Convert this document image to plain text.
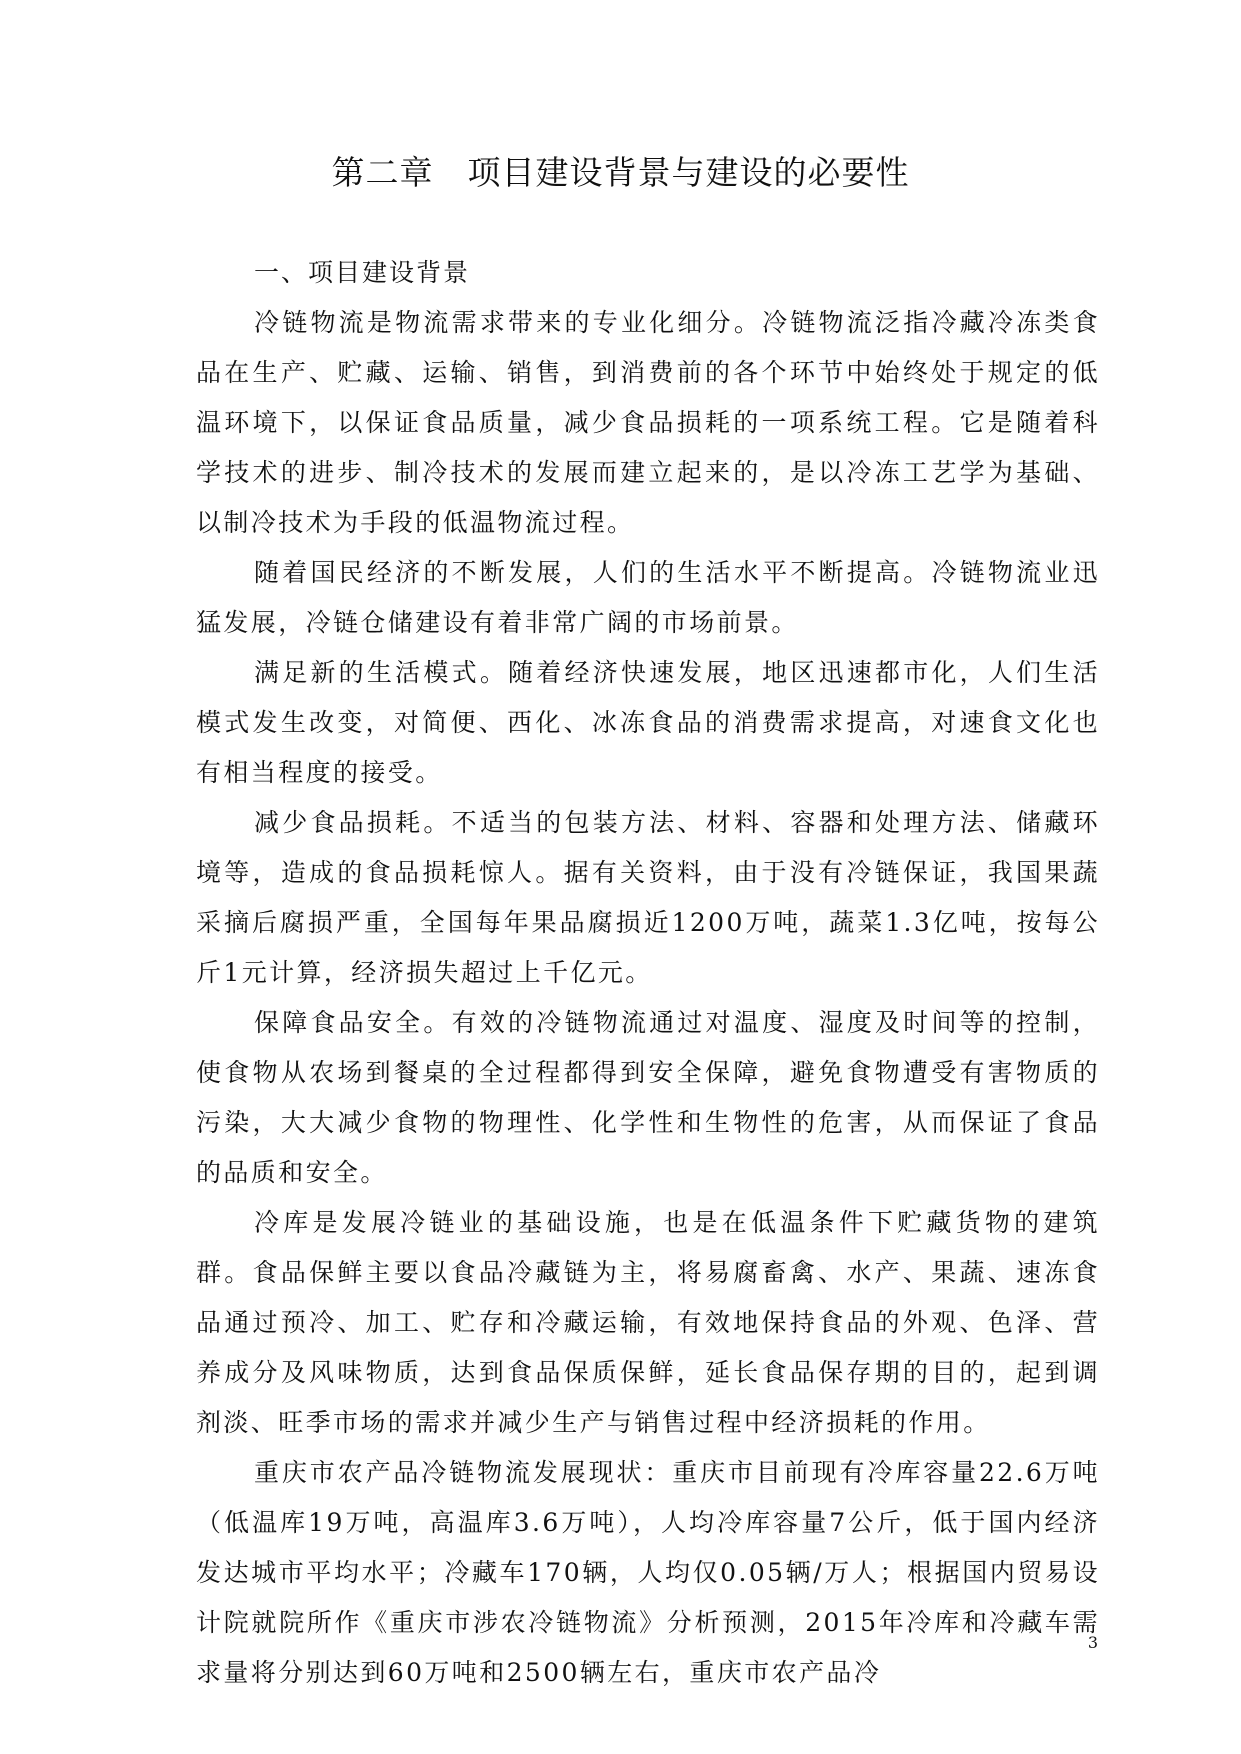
第二章　项目建设背景与建设的必要性
一、项目建设背景

冷链物流是物流需求带来的专业化细分。冷链物流泛指冷藏冷冻类食品在生产、贮藏、运输、销售，到消费前的各个环节中始终处于规定的低温环境下，以保证食品质量，减少食品损耗的一项系统工程。它是随着科学技术的进步、制冷技术的发展而建立起来的，是以冷冻工艺学为基础、以制冷技术为手段的低温物流过程。

随着国民经济的不断发展，人们的生活水平不断提高。冷链物流业迅猛发展，冷链仓储建设有着非常广阔的市场前景。

满足新的生活模式。随着经济快速发展，地区迅速都市化，人们生活模式发生改变，对简便、西化、冰冻食品的消费需求提高，对速食文化也有相当程度的接受。

减少食品损耗。不适当的包装方法、材料、容器和处理方法、储藏环境等，造成的食品损耗惊人。据有关资料，由于没有冷链保证，我国果蔬采摘后腐损严重，全国每年果品腐损近1200万吨，蔬菜1.3亿吨，按每公斤1元计算，经济损失超过上千亿元。

保障食品安全。有效的冷链物流通过对温度、湿度及时间等的控制，使食物从农场到餐桌的全过程都得到安全保障，避免食物遭受有害物质的污染，大大减少食物的物理性、化学性和生物性的危害，从而保证了食品的品质和安全。

冷库是发展冷链业的基础设施，也是在低温条件下贮藏货物的建筑群。食品保鲜主要以食品冷藏链为主，将易腐畜禽、水产、果蔬、速冻食品通过预冷、加工、贮存和冷藏运输，有效地保持食品的外观、色泽、营养成分及风味物质，达到食品保质保鲜，延长食品保存期的目的，起到调剂淡、旺季市场的需求并减少生产与销售过程中经济损耗的作用。

重庆市农产品冷链物流发展现状：重庆市目前现有冷库容量22.6万吨（低温库19万吨，高温库3.6万吨），人均冷库容量7公斤，低于国内经济发达城市平均水平；冷藏车170辆，人均仅0.05辆/万人；根据国内贸易设计院就院所作《重庆市涉农冷链物流》分析预测，2015年冷库和冷藏车需求量将分别达到60万吨和2500辆左右，重庆市农产品冷

3
